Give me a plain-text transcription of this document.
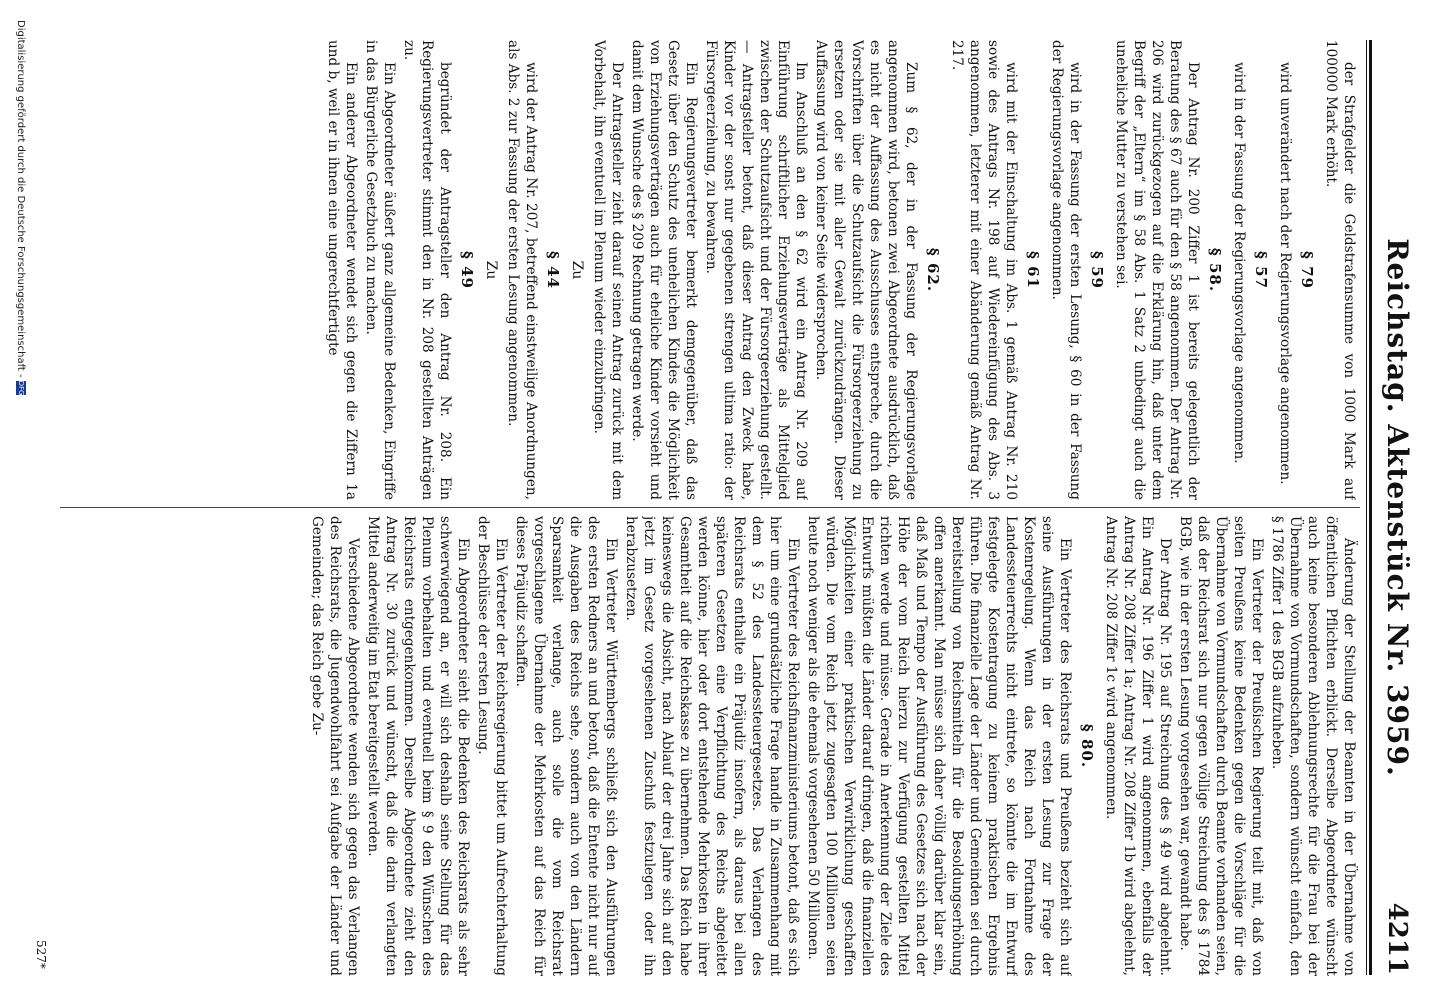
Reichstag. Aktenstück Nr. 3959.
4211

der Strafgelder die Geldstrafensumme von 1000 Mark auf 100000 Mark erhöht.

§ 79

wird unverändert nach der Regierungsvorlage angenommen.

§ 57

wird in der Fassung der Regierungsvorlage angenommen.

§ 58.

Der Antrag Nr. 200 Ziffer 1 ist bereits gelegentlich der Beratung des § 67 auch für den § 58 angenommen. Der Antrag Nr. 206 wird zurückgezogen auf die Erklärung hin, daß unter dem Begriff der „Eltern“ im § 58 Abs. 1 Satz 2 unbedingt auch die uneheliche Mutter zu verstehen sei.

§ 59

wird in der Fassung der ersten Lesung, § 60 in der Fassung der Regierungsvorlage angenommen.

§ 61

wird mit der Einschaltung im Abs. 1 gemäß Antrag Nr. 210 sowie des Antrags Nr. 198 auf Wiedereinfügung des Abs. 3 angenommen, letzterer mit einer Abänderung gemäß Antrag Nr. 217.

§ 62.

Zum § 62, der in der Fassung der Regierungsvorlage angenommen wird, betonen zwei Abgeordnete ausdrücklich, daß es nicht der Auffassung des Ausschusses entspreche, durch die Vorschriften über die Schutzaufsicht die Fürsorgeerziehung zu ersetzen oder sie mit aller Gewalt zurückzudrängen. Dieser Auffassung wird von keiner Seite widersprochen.

Im Anschluß an den § 62 wird ein Antrag Nr. 209 auf Einführung schriftlicher Erziehungsverträge als Mittelglied zwischen der Schutzaufsicht und der Fürsorgeerziehung gestellt. — Antragsteller betont, daß dieser Antrag den Zweck habe, Kinder vor der sonst nur gegebenen strengen ultima ratio: der Fürsorgeerziehung, zu bewahren.

Ein Regierungsvertreter bemerkt demgegenüber, daß das Gesetz über den Schutz des unehelichen Kindes die Möglichkeit von Erziehungsverträgen auch für eheliche Kinder vorsieht und damit dem Wunsche des § 209 Rechnung getragen werde.

Der Antragsteller zieht darauf seinen Antrag zurück mit dem Vorbehalt, ihn eventuell im Plenum wieder einzubringen.

Zu
§ 44

wird der Antrag Nr. 207, betreffend einstweilige Anordnungen, als Abs. 2 zur Fassung der ersten Lesung angenommen.

Zu
§ 49

begründet der Antragsteller den Antrag Nr. 208. Ein Regierungsvertreter stimmt den in Nr. 208 gestellten Anträgen zu.

Ein Abgeordneter äußert ganz allgemeine Bedenken, Eingriffe in das Bürgerliche Gesetzbuch zu machen.

Ein anderer Abgeordneter wendet sich gegen die Ziffern 1a und b, weil er in ihnen eine ungerechtfertigte

Änderung der Stellung der Beamten in der Übernahme von öffentlichen Pflichten erblickt. Derselbe Abgeordnete wünscht auch keine besonderen Ablehnungsrechte für die Frau bei der Übernahme von Vormundschaften, sondern wünscht einfach, den § 1786 Ziffer 1 des BGB aufzuheben.

Ein Vertreter der Preußischen Regierung teilt mit, daß von seiten Preußens keine Bedenken gegen die Vorschläge für die Übernahme von Vormundschaften durch Beamte vorhanden seien, daß der Reichsrat sich nur gegen völlige Streichung des § 1784 BGB, wie in der ersten Lesung vorgesehen war, gewandt habe.

Der Antrag Nr. 195 auf Streichung des § 49 wird abgelehnt. Ein Antrag Nr. 196 Ziffer 1 wird angenommen, ebenfalls der Antrag Nr. 208 Ziffer 1a; Antrag Nr. 208 Ziffer 1b wird abgelehnt, Antrag Nr. 208 Ziffer 1c wird angenommen.

§ 80.

Ein Vertreter des Reichsrats und Preußens bezieht sich auf seine Ausführungen in der ersten Lesung zur Frage der Kostenregelung. Wenn das Reich nach Fortnahme des Landessteuerrechts nicht eintrete, so könnte die im Entwurf festgelegte Kostentragung zu keinem praktischen Ergebnis führen. Die finanzielle Lage der Länder und Gemeinden sei durch Bereitstellung von Reichsmitteln für die Besoldungserhöhung offen anerkannt. Man müsse sich daher völlig darüber klar sein, daß Maß und Tempo der Ausführung des Gesetzes sich nach der Höhe der vom Reich hierzu zur Verfügung gestellten Mittel richten werde und müsse. Gerade in Anerkennung der Ziele des Entwurfs müßten die Länder darauf dringen, daß die finanziellen Möglichkeiten einer praktischen Verwirklichung geschaffen würden. Die vom Reich jetzt zugesagten 100 Millionen seien heute noch weniger als die ehemals vorgesehenen 50 Millionen.

Ein Vertreter des Reichsfinanzministeriums betont, daß es sich hier um eine grundsätzliche Frage handle in Zusammenhang mit dem § 52 des Landessteuergesetzes. Das Verlangen des Reichsrats enthalte ein Präjudiz insofern, als daraus bei allen späteren Gesetzen eine Verpflichtung des Reichs abgeleitet werden könne, hier oder dort entstehende Mehrkosten in ihrer Gesamtheit auf die Reichskasse zu übernehmen. Das Reich habe keineswegs die Absicht, nach Ablauf der drei Jahre sich auf den jetzt im Gesetz vorgesehenen Zuschuß festzulegen oder ihn herabzusetzen.

Ein Vertreter Württembergs schließt sich den Ausführungen des ersten Redners an und betont, daß die Entente nicht nur auf die Ausgaben des Reichs sehe, sondern auch von den Ländern Sparsamkeit verlange, auch solle die vom Reichsrat vorgeschlagene Übernahme der Mehrkosten auf das Reich für dieses Präjudiz schaffen.

Ein Vertreter der Reichsregierung bittet um Aufrechterhaltung der Beschlüsse der ersten Lesung.

Ein Abgeordneter sieht die Bedenken des Reichsrats als sehr schwerwiegend an, er will sich deshalb seine Stellung für das Plenum vorbehalten und eventuell beim § 9 den Wünschen des Reichsrats entgegenkommen. Derselbe Abgeordnete zieht den Antrag Nr. 30 zurück und wünscht, daß die darin verlangten Mittel anderweitig im Etat bereitgestellt werden.

Verschiedene Abgeordnete wenden sich gegen das Verlangen des Reichsrats, die Jugendwohlfahrt sei Aufgabe der Länder und Gemeinden; das Reich gebe Zu-

527*
Digitalisierung gefördert durch die Deutsche Forschungsgemeinschaft -DFG
